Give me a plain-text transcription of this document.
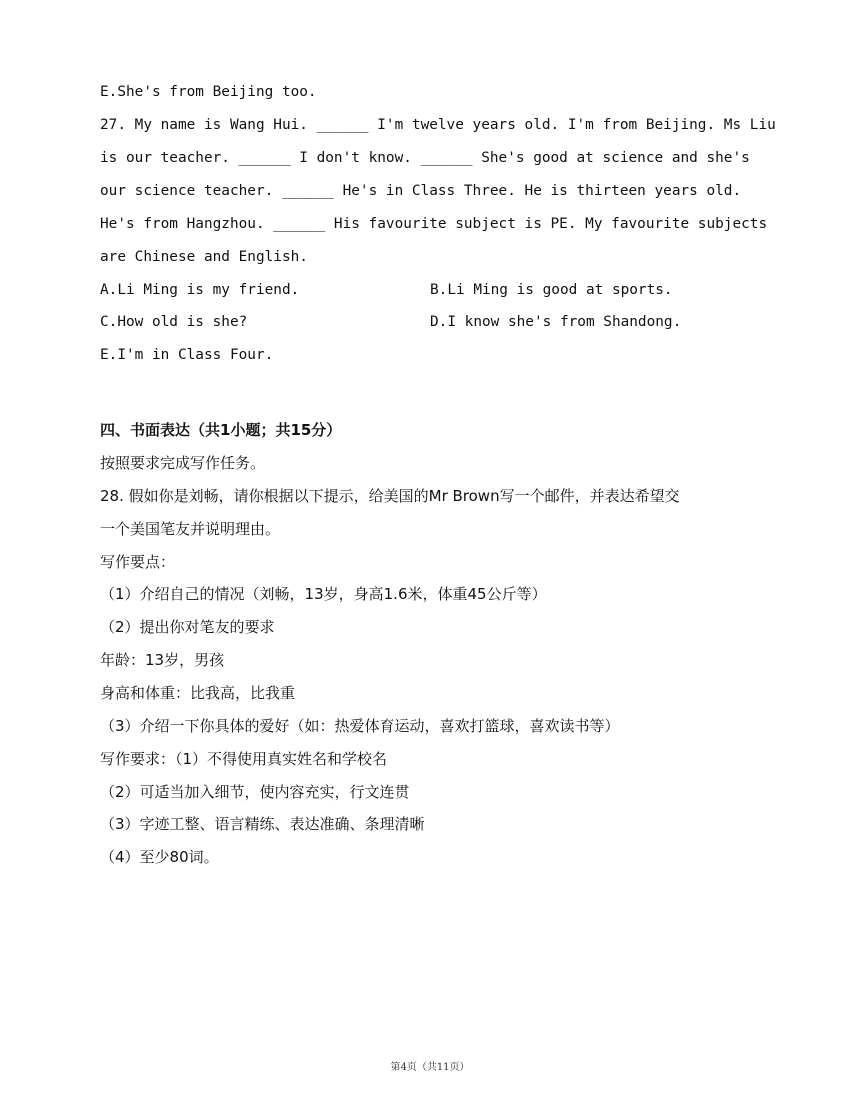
E.She's from Beijing too.
27. My name is Wang Hui. ______ I'm twelve years old. I'm from Beijing. Ms Liu
is our teacher. ______ I don't know. ______ She's good at science and she's
our science teacher. ______ He's in Class Three. He is thirteen years old.
He's from Hangzhou. ______ His favourite subject is PE. My favourite subjects
are Chinese and English.
A.Li Ming is my friend.	B.Li Ming is good at sports.
C.How old is she?	D.I know she's from Shandong.
E.I'm in Class Four.
四、书面表达（共1小题；共15分）
按照要求完成写作任务。
28. 假如你是刘畅，请你根据以下提示，给美国的Mr Brown写一个邮件，并表达希望交
一个美国笔友并说明理由。
写作要点：
（1）介绍自己的情况（刘畅，13岁，身高1.6米，体重45公斤等）
（2）提出你对笔友的要求
年龄：13岁，男孩
身高和体重：比我高，比我重
（3）介绍一下你具体的爱好（如：热爱体育运动，喜欢打篮球，喜欢读书等）
写作要求：（1）不得使用真实姓名和学校名
（2）可适当加入细节，使内容充实，行文连贯
（3）字迹工整、语言精练、表达准确、条理清晰
（4）至少80词。
第4页（共11页）
